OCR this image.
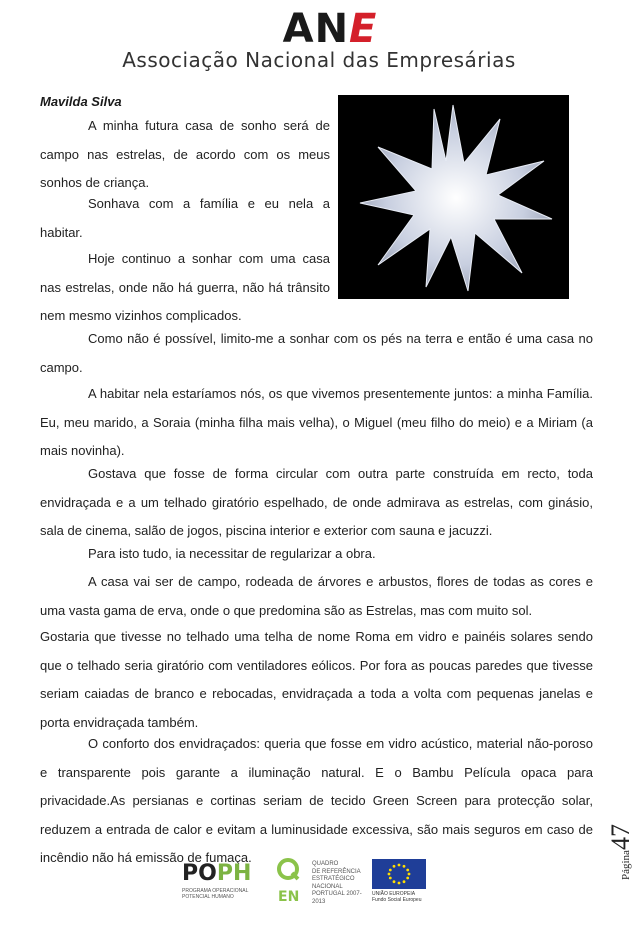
ANE
Associação Nacional das Empresárias
Mavilda Silva

A minha futura casa de sonho será de campo nas estrelas, de acordo com os meus sonhos de criança.

Sonhava com a família e eu nela a habitar.

Hoje continuo a sonhar com uma casa nas estrelas, onde não há guerra, não há trânsito nem mesmo vizinhos complicados.

Como não é possível, limito-me a sonhar com os pés na terra e então é uma casa no campo.

A habitar nela estaríamos nós, os que vivemos presentemente juntos: a minha Família. Eu, meu marido, a Soraia (minha filha mais velha), o Miguel (meu filho do meio) e a Miriam (a mais novinha).

Gostava que fosse de forma circular com outra parte construída em recto, toda envidraçada e a um telhado giratório espelhado, de onde admirava as estrelas, com ginásio, sala de cinema, salão de jogos, piscina interior e exterior com sauna e jacuzzi.

Para isto tudo, ia necessitar de regularizar a obra.

A casa vai ser de campo, rodeada de árvores e arbustos, flores de todas as cores e uma vasta gama de erva, onde o que predomina são as Estrelas, mas com muito sol.

Gostaria que tivesse no telhado uma telha de nome Roma em vidro e painéis solares sendo que o telhado seria giratório com ventiladores eólicos. Por fora as poucas paredes que tivesse seriam caiadas de branco e rebocadas, envidraçada a toda a volta com pequenas janelas e porta envidraçada também.

O conforto dos envidraçados: queria que fosse em vidro acústico, material não-poroso e transparente pois garante a iluminação natural. E o Bambu Película opaca para privacidade.As persianas e cortinas seriam de tecido Green Screen para protecção solar, reduzem a entrada de calor e evitam a luminusidade excessiva, são mais seguros em caso de incêndio não há emissão de fumaça.	Página47
POPH
PROGRAMA OPERACIONAL POTENCIAL HUMANO	EN
QUADRO
DE REFERÊNCIA
ESTRATÉGICO
NACIONAL
PORTUGAL 2007-2013
UNIÃO EUROPEIA
Fundo Social Europeu
